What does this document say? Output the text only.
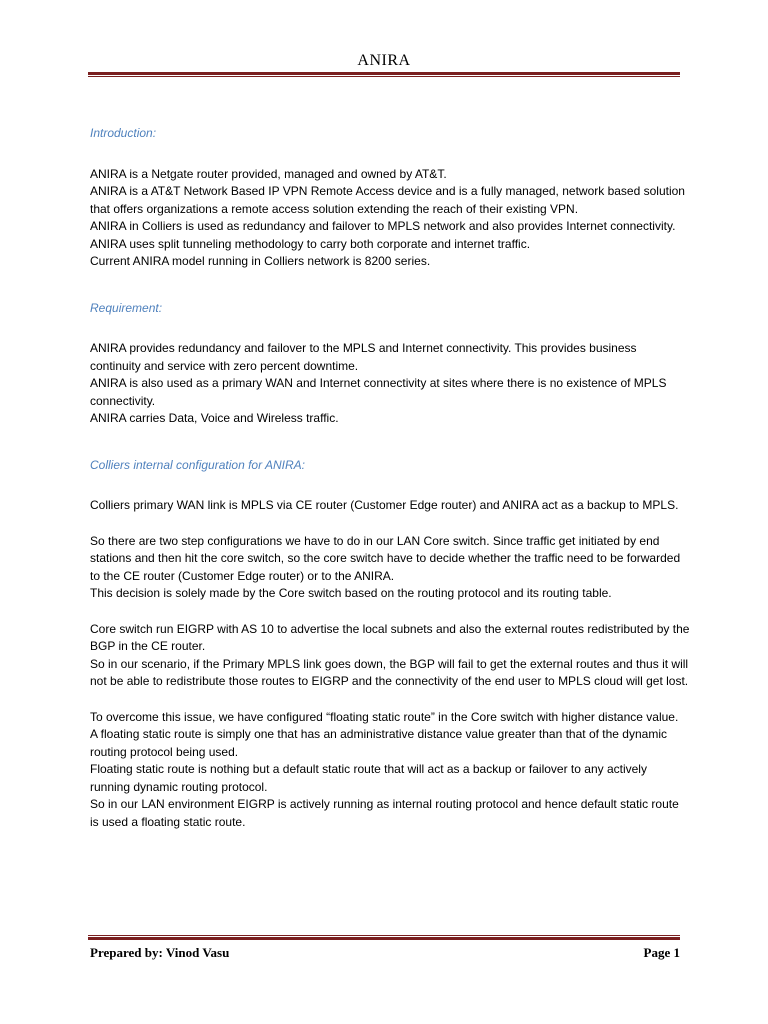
ANIRA
Introduction:

ANIRA is a Netgate router provided, managed and owned by AT&T.

ANIRA is a AT&T Network Based IP VPN Remote Access device and is a fully managed, network based solution that offers organizations a remote access solution extending the reach of their existing VPN.

ANIRA in Colliers is used as redundancy and failover to MPLS network and also provides Internet connectivity.

ANIRA uses split tunneling methodology to carry both corporate and internet traffic.

Current ANIRA model running in Colliers network is 8200 series.

Requirement:

ANIRA provides redundancy and failover to the MPLS and Internet connectivity. This provides business continuity and service with zero percent downtime.

ANIRA is also used as a primary WAN and Internet connectivity at sites where there is no existence of MPLS connectivity.

ANIRA carries Data, Voice and Wireless traffic.

Colliers internal configuration for ANIRA:

Colliers primary WAN link is MPLS via CE router (Customer Edge router) and ANIRA act as a backup to MPLS.

So there are two step configurations we have to do in our LAN Core switch. Since traffic get initiated by end stations and then hit the core switch, so the core switch have to decide whether the traffic need to be forwarded to the CE router (Customer Edge router) or to the ANIRA.

This decision is solely made by the Core switch based on the routing protocol and its routing table.

Core switch run EIGRP with AS 10 to advertise the local subnets and also the external routes redistributed by the BGP in the CE router.

So in our scenario, if the Primary MPLS link goes down, the BGP will fail to get the external routes and thus it will not be able to redistribute those routes to EIGRP and the connectivity of the end user to MPLS cloud will get lost.

To overcome this issue, we have configured “floating static route” in the Core switch with higher distance value.

A floating static route is simply one that has an administrative distance value greater than that of the dynamic routing protocol being used.

Floating static route is nothing but a default static route that will act as a backup or failover to any actively running dynamic routing protocol.

So in our LAN environment EIGRP is actively running as internal routing protocol and hence default static route is used a floating static route.

Prepared by: Vinod Vasu	Page 1
